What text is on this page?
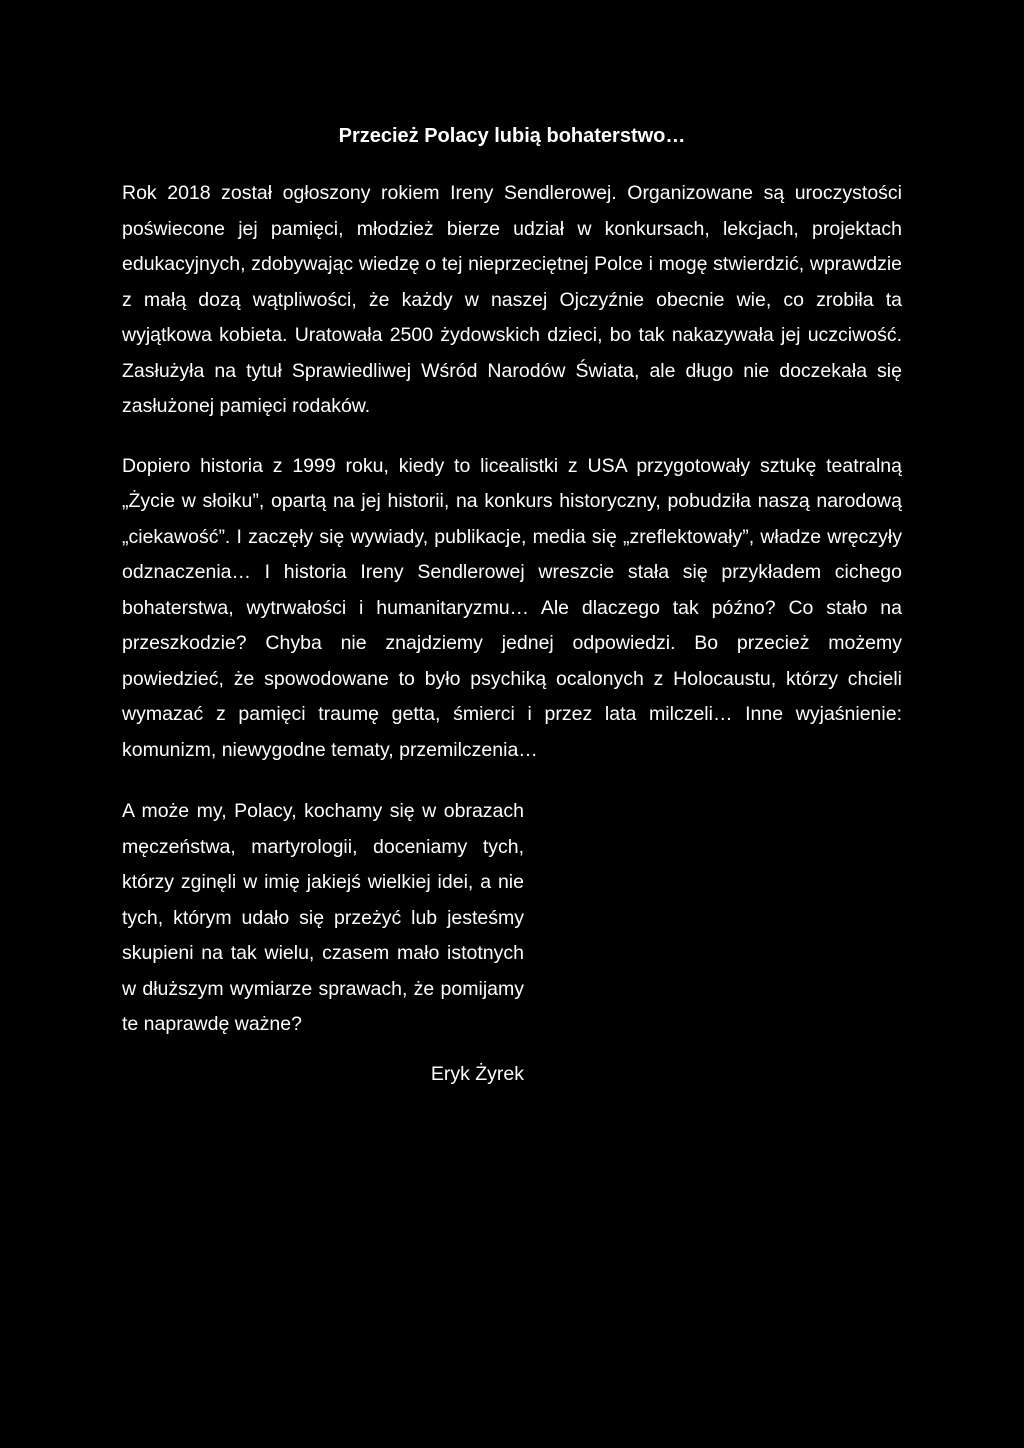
Przecież Polacy lubią bohaterstwo…

Rok 2018 został ogłoszony rokiem Ireny Sendlerowej. Organizowane są uroczystości poświecone jej pamięci, młodzież bierze udział w konkursach, lekcjach, projektach edukacyjnych, zdobywając wiedzę o tej nieprzeciętnej Polce i mogę stwierdzić, wprawdzie z małą dozą wątpliwości, że każdy w naszej Ojczyźnie obecnie wie, co zrobiła ta wyjątkowa kobieta. Uratowała 2500 żydowskich dzieci, bo tak nakazywała jej uczciwość. Zasłużyła na tytuł Sprawiedliwej Wśród Narodów Świata, ale długo nie doczekała się zasłużonej pamięci rodaków.

Dopiero historia z 1999 roku, kiedy to licealistki z USA przygotowały sztukę teatralną „Życie w słoiku”, opartą na jej historii, na konkurs historyczny, pobudziła naszą narodową „ciekawość”. I zaczęły się wywiady, publikacje, media się „zreflektowały”, władze wręczyły odznaczenia… I historia Ireny Sendlerowej wreszcie stała się przykładem cichego bohaterstwa, wytrwałości i humanitaryzmu… Ale dlaczego tak późno? Co stało na przeszkodzie? Chyba nie znajdziemy jednej odpowiedzi. Bo przecież możemy powiedzieć, że spowodowane to było psychiką ocalonych z Holocaustu, którzy chcieli wymazać z pamięci traumę getta, śmierci i przez lata milczeli… Inne wyjaśnienie: komunizm, niewygodne tematy, przemilczenia…

A może my, Polacy, kochamy się w obrazach męczeństwa, martyrologii, doceniamy tych, którzy zginęli w imię jakiejś wielkiej idei, a nie tych, którym udało się przeżyć lub jesteśmy skupieni na tak wielu, czasem mało istotnych w dłuższym wymiarze sprawach, że pomijamy te naprawdę ważne?

Eryk Żyrek
